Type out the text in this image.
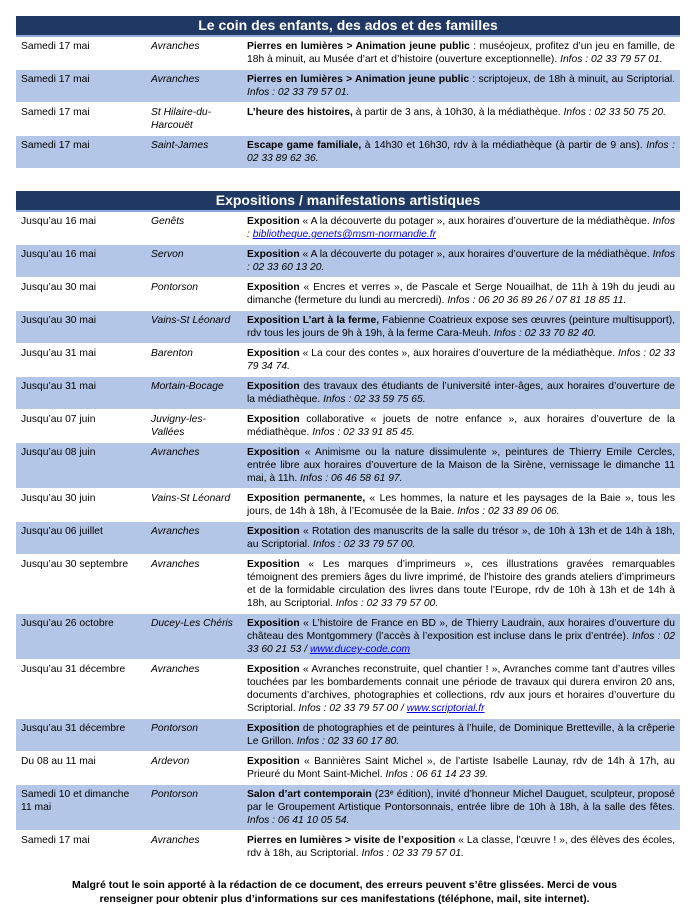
Le coin des enfants, des ados et des familles
Samedi 17 mai	Avranches	Pierres en lumières > Animation jeune public : muséojeux, profitez d’un jeu en famille, de 18h à minuit, au Musée d’art et d’histoire (ouverture exceptionnelle). Infos : 02 33 79 57 01.
Samedi 17 mai	Avranches	Pierres en lumières > Animation jeune public : scriptojeux, de 18h à minuit, au Scriptorial. Infos : 02 33 79 57 01.
Samedi 17 mai	St Hilaire-du-Harcouët	L’heure des histoires, à partir de 3 ans, à 10h30, à la médiathèque. Infos : 02 33 50 75 20.
Samedi 17 mai	Saint-James	Escape game familiale, à 14h30 et 16h30, rdv à la médiathèque (à partir de 9 ans). Infos : 02 33 89 62 36.
Expositions / manifestations artistiques
Jusqu’au 16 mai	Genêts	Exposition « A la découverte du potager », aux horaires d’ouverture de la médiathèque. Infos : bibliotheque.genets@msm-normandie.fr
Jusqu’au 16 mai	Servon	Exposition « A la découverte du potager », aux horaires d’ouverture de la médiathèque. Infos : 02 33 60 13 20.
Jusqu’au 30 mai	Pontorson	Exposition « Encres et verres », de Pascale et Serge Nouailhat, de 11h à 19h du jeudi au dimanche (fermeture du lundi au mercredi). Infos : 06 20 36 89 26 / 07 81 18 85 11.
Jusqu’au 30 mai	Vains-St Léonard	Exposition L’art à la ferme, Fabienne Coatrieux expose ses œuvres (peinture multisupport), rdv tous les jours de 9h à 19h, à la ferme Cara-Meuh. Infos : 02 33 70 82 40.
Jusqu’au 31 mai	Barenton	Exposition « La cour des contes », aux horaires d’ouverture de la médiathèque. Infos : 02 33 79 34 74.
Jusqu’au 31 mai	Mortain-Bocage	Exposition des travaux des étudiants de l’université inter-âges, aux horaires d’ouverture de la médiathèque. Infos : 02 33 59 75 65.
Jusqu’au 07 juin	Juvigny-les-Vallées	Exposition collaborative « jouets de notre enfance », aux horaires d’ouverture de la médiathèque. Infos : 02 33 91 85 45.
Jusqu’au 08 juin	Avranches	Exposition « Animisme ou la nature dissimulente », peintures de Thierry Emile Cercles, entrée libre aux horaires d’ouverture de la Maison de la Sirène, vernissage le dimanche 11 mai, à 11h. Infos : 06 46 58 61 97.
Jusqu’au 30 juin	Vains-St Léonard	Exposition permanente, « Les hommes, la nature et les paysages de la Baie », tous les jours, de 14h à 18h, à l’Ecomusée de la Baie. Infos : 02 33 89 06 06.
Jusqu’au 06 juillet	Avranches	Exposition « Rotation des manuscrits de la salle du trésor », de 10h à 13h et de 14h à 18h, au Scriptorial. Infos : 02 33 79 57 00.
Jusqu’au 30 septembre	Avranches	Exposition « Les marques d’imprimeurs », ces illustrations gravées remarquables témoignent des premiers âges du livre imprimé, de l’histoire des grands ateliers d’imprimeurs et de la formidable circulation des livres dans toute l’Europe, rdv de 10h à 13h et de 14h à 18h, au Scriptorial. Infos : 02 33 79 57 00.
Jusqu’au 26 octobre	Ducey-Les Chéris	Exposition « L’histoire de France en BD », de Thierry Laudrain, aux horaires d’ouverture du château des Montgommery (l’accès à l’exposition est incluse dans le prix d’entrée). Infos : 02 33 60 21 53 / www.ducey-code.com
Jusqu’au 31 décembre	Avranches	Exposition « Avranches reconstruite, quel chantier ! », Avranches comme tant d’autres villes touchées par les bombardements connait une période de travaux qui durera environ 20 ans, documents d’archives, photographies et collections, rdv aux jours et horaires d’ouverture du Scriptorial. Infos : 02 33 79 57 00 / www.scriptorial.fr
Jusqu’au 31 décembre	Pontorson	Exposition de photographies et de peintures à l’huile, de Dominique Bretteville, à la crêperie Le Grillon. Infos : 02 33 60 17 80.
Du 08 au 11 mai	Ardevon	Exposition « Bannières Saint Michel », de l’artiste Isabelle Launay, rdv de 14h à 17h, au Prieuré du Mont Saint-Michel. Infos : 06 61 14 23 39.
Samedi 10 et dimanche 11 mai	Pontorson	Salon d’art contemporain (23ᵉ édition), invité d’honneur Michel Dauguet, sculpteur, proposé par le Groupement Artistique Pontorsonnais, entrée libre de 10h à 18h, à la salle des fêtes. Infos : 06 41 10 05 54.
Samedi 17 mai	Avranches	Pierres en lumières > visite de l’exposition « La classe, l’œuvre ! », des élèves des écoles, rdv à 18h, au Scriptorial. Infos : 02 33 79 57 01.
Malgré tout le soin apporté à la rédaction de ce document, des erreurs peuvent s’être glissées. Merci de vous
renseigner pour obtenir plus d’informations sur ces manifestations (téléphone, mail, site internet).
